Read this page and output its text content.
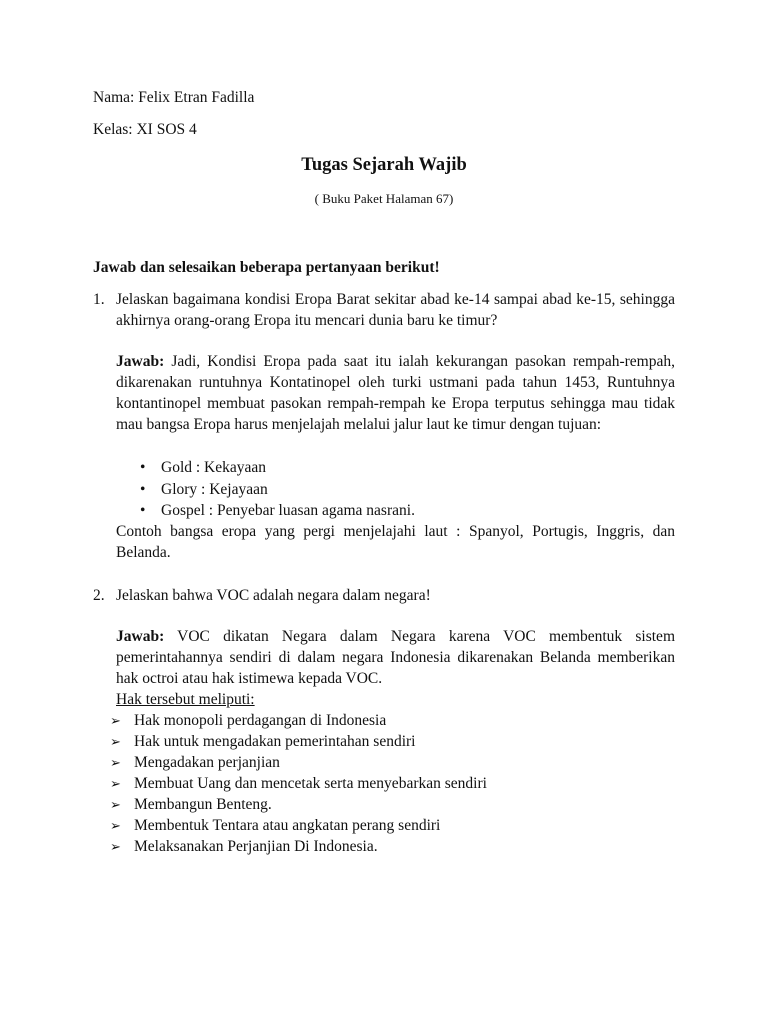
Nama: Felix Etran Fadilla
Kelas: XI SOS 4
Tugas Sejarah Wajib
( Buku Paket Halaman 67)
Jawab dan selesaikan beberapa pertanyaan berikut!
1. Jelaskan bagaimana kondisi Eropa Barat sekitar abad ke-14 sampai abad ke-15, sehingga akhirnya orang-orang Eropa itu mencari dunia baru ke timur?
Jawab: Jadi, Kondisi Eropa pada saat itu ialah kekurangan pasokan rempah-rempah, dikarenakan runtuhnya Kontatinopel oleh turki ustmani pada tahun 1453, Runtuhnya kontantinopel membuat pasokan rempah-rempah ke Eropa terputus sehingga mau tidak mau bangsa Eropa harus menjelajah melalui jalur laut ke timur dengan tujuan:
• Gold : Kekayaan
• Glory : Kejayaan
• Gospel : Penyebar luasan agama nasrani.
Contoh bangsa eropa yang pergi menjelajahi laut : Spanyol, Portugis, Inggris, dan Belanda.
2. Jelaskan bahwa VOC adalah negara dalam negara!
Jawab: VOC dikatan Negara dalam Negara karena VOC membentuk sistem pemerintahannya sendiri di dalam negara Indonesia dikarenakan Belanda memberikan hak octroi atau hak istimewa kepada VOC.
Hak tersebut meliputi:
➢ Hak monopoli perdagangan di Indonesia
➢ Hak untuk mengadakan pemerintahan sendiri
➢ Mengadakan perjanjian
➢ Membuat Uang dan mencetak serta menyebarkan sendiri
➢ Membangun Benteng.
➢ Membentuk Tentara atau angkatan perang sendiri
➢ Melaksanakan Perjanjian Di Indonesia.
